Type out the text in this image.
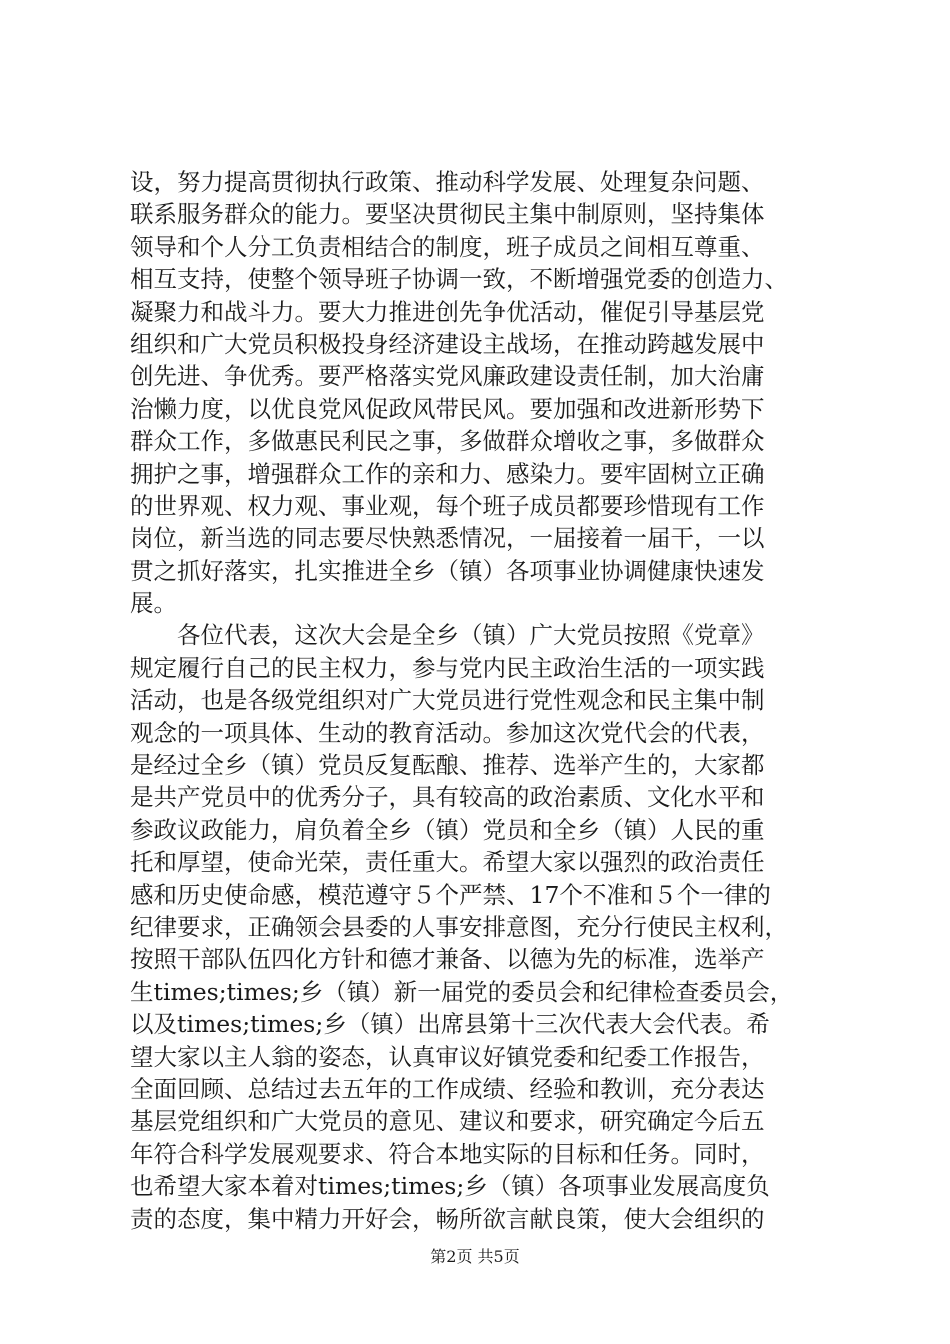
设，努力提高贯彻执行政策、推动科学发展、处理复杂问题、
联系服务群众的能力。要坚决贯彻民主集中制原则，坚持集体
领导和个人分工负责相结合的制度，班子成员之间相互尊重、
相互支持，使整个领导班子协调一致，不断增强党委的创造力、
凝聚力和战斗力。要大力推进创先争优活动，催促引导基层党
组织和广大党员积极投身经济建设主战场，在推动跨越发展中
创先进、争优秀。要严格落实党风廉政建设责任制，加大治庸
治懒力度，以优良党风促政风带民风。要加强和改进新形势下
群众工作，多做惠民利民之事，多做群众增收之事，多做群众
拥护之事，增强群众工作的亲和力、感染力。要牢固树立正确
的世界观、权力观、事业观，每个班子成员都要珍惜现有工作
岗位，新当选的同志要尽快熟悉情况，一届接着一届干，一以
贯之抓好落实，扎实推进全乡（镇）各项事业协调健康快速发
展。
　　各位代表，这次大会是全乡（镇）广大党员按照《党章》
规定履行自己的民主权力，参与党内民主政治生活的一项实践
活动，也是各级党组织对广大党员进行党性观念和民主集中制
观念的一项具体、生动的教育活动。参加这次党代会的代表，
是经过全乡（镇）党员反复酝酿、推荐、选举产生的，大家都
是共产党员中的优秀分子，具有较高的政治素质、文化水平和
参政议政能力，肩负着全乡（镇）党员和全乡（镇）人民的重
托和厚望，使命光荣，责任重大。希望大家以强烈的政治责任
感和历史使命感，模范遵守５个严禁、17个不准和５个一律的
纪律要求，正确领会县委的人事安排意图，充分行使民主权利，
按照干部队伍四化方针和德才兼备、以德为先的标准，选举产
生times;times;乡（镇）新一届党的委员会和纪律检查委员会，
以及times;times;乡（镇）出席县第十三次代表大会代表。希
望大家以主人翁的姿态，认真审议好镇党委和纪委工作报告，
全面回顾、总结过去五年的工作成绩、经验和教训，充分表达
基层党组织和广大党员的意见、建议和要求，研究确定今后五
年符合科学发展观要求、符合本地实际的目标和任务。同时，
也希望大家本着对times;times;乡（镇）各项事业发展高度负
责的态度，集中精力开好会，畅所欲言献良策，使大会组织的
第2页 共5页
